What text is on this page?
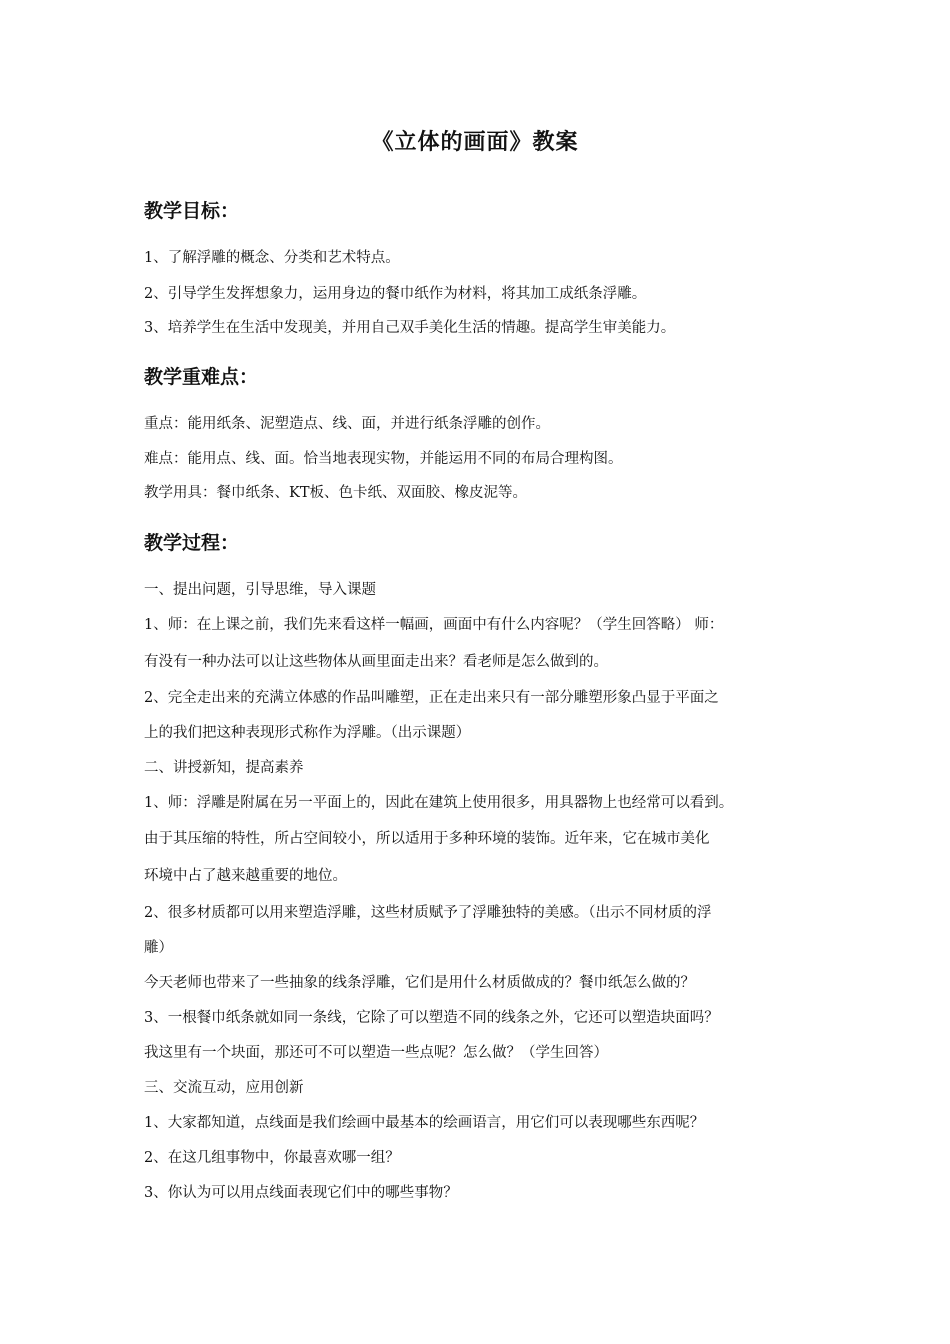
《立体的画面》教案
教学目标：
1、了解浮雕的概念、分类和艺术特点。
2、引导学生发挥想象力，运用身边的餐巾纸作为材料，将其加工成纸条浮雕。
3、培养学生在生活中发现美，并用自己双手美化生活的情趣。提高学生审美能力。
教学重难点：
重点：能用纸条、泥塑造点、线、面，并进行纸条浮雕的创作。
难点：能用点、线、面。恰当地表现实物，并能运用不同的布局合理构图。
教学用具：餐巾纸条、KT板、色卡纸、双面胶、橡皮泥等。
教学过程：
一、提出问题，引导思维，导入课题
1、师：在上课之前，我们先来看这样一幅画，画面中有什么内容呢？（学生回答略） 师：
有没有一种办法可以让这些物体从画里面走出来？看老师是怎么做到的。
2、完全走出来的充满立体感的作品叫雕塑，正在走出来只有一部分雕塑形象凸显于平面之
上的我们把这种表现形式称作为浮雕。（出示课题）
二、讲授新知，提高素养
1、师：浮雕是附属在另一平面上的，因此在建筑上使用很多，用具器物上也经常可以看到。
由于其压缩的特性，所占空间较小，所以适用于多种环境的装饰。近年来，它在城市美化
环境中占了越来越重要的地位。
2、很多材质都可以用来塑造浮雕，这些材质赋予了浮雕独特的美感。（出示不同材质的浮
雕）
今天老师也带来了一些抽象的线条浮雕，它们是用什么材质做成的？餐巾纸怎么做的？
3、一根餐巾纸条就如同一条线，它除了可以塑造不同的线条之外，它还可以塑造块面吗？
我这里有一个块面，那还可不可以塑造一些点呢？怎么做？（学生回答）
三、交流互动，应用创新
1、大家都知道，点线面是我们绘画中最基本的绘画语言，用它们可以表现哪些东西呢？
2、在这几组事物中，你最喜欢哪一组？
3、你认为可以用点线面表现它们中的哪些事物？
